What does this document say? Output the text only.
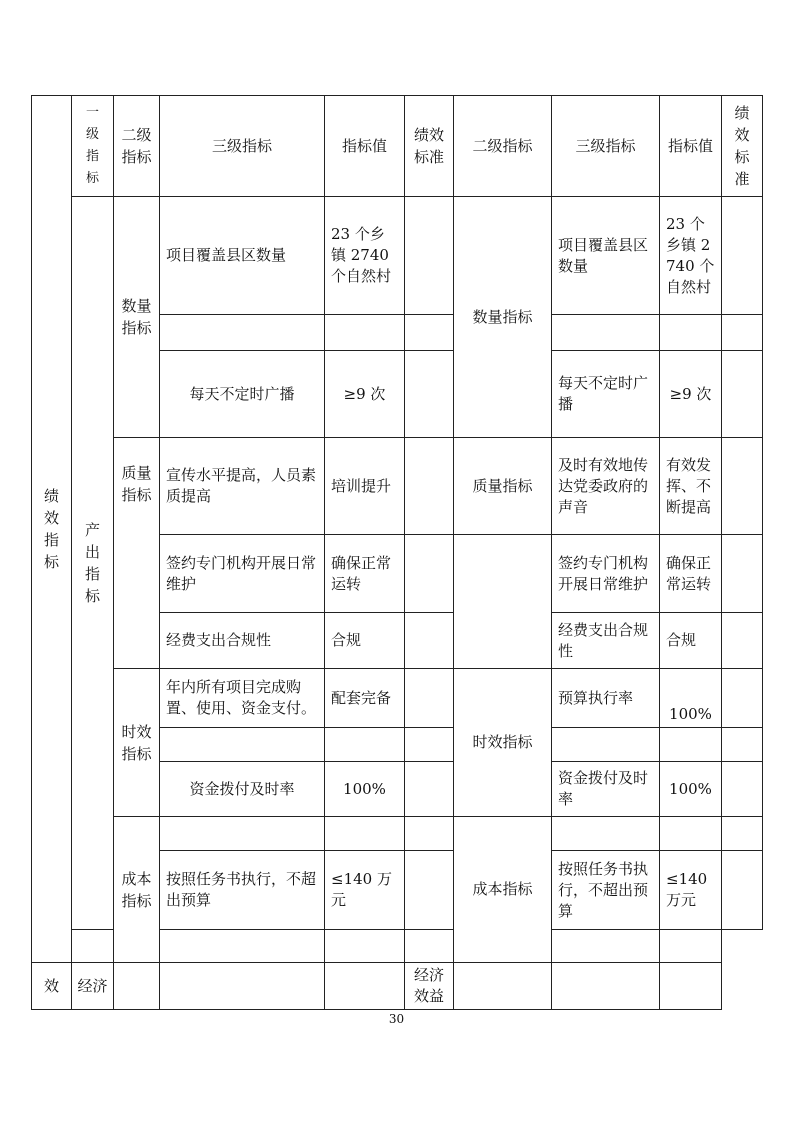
绩效指标	一级指标	二级指标	三级指标	指标值	绩效标准	二级指标	三级指标	指标值	绩效标准
	产出指标	数量指标	项目覆盖县区数量	23 个乡镇 2740 个自然村		数量指标	项目覆盖县区数量	23 个乡镇 2740 个自然村	

			每天不定时广播	≥9 次			每天不定时广播	≥9 次	
		质量指标	宣传水平提高，人员素质提高	培训提升		质量指标	及时有效地传达党委政府的声音	有效发挥、不断提高	
			签约专门机构开展日常维护	确保正常运转			签约专门机构开展日常维护	确保正常运转	
			经费支出合规性	合规			经费支出合规性	合规	
		时效指标	年内所有项目完成购置、使用、资金支付。	配套完备		时效指标	预算执行率	100%	

			资金拨付及时率	100%			资金拨付及时率	100%	
		成本指标				成本指标			
			按照任务书执行，不超出预算	≤140 万元			按照任务书执行，不超出预算	≤140 万元	

效	经济				经济效益				
30
